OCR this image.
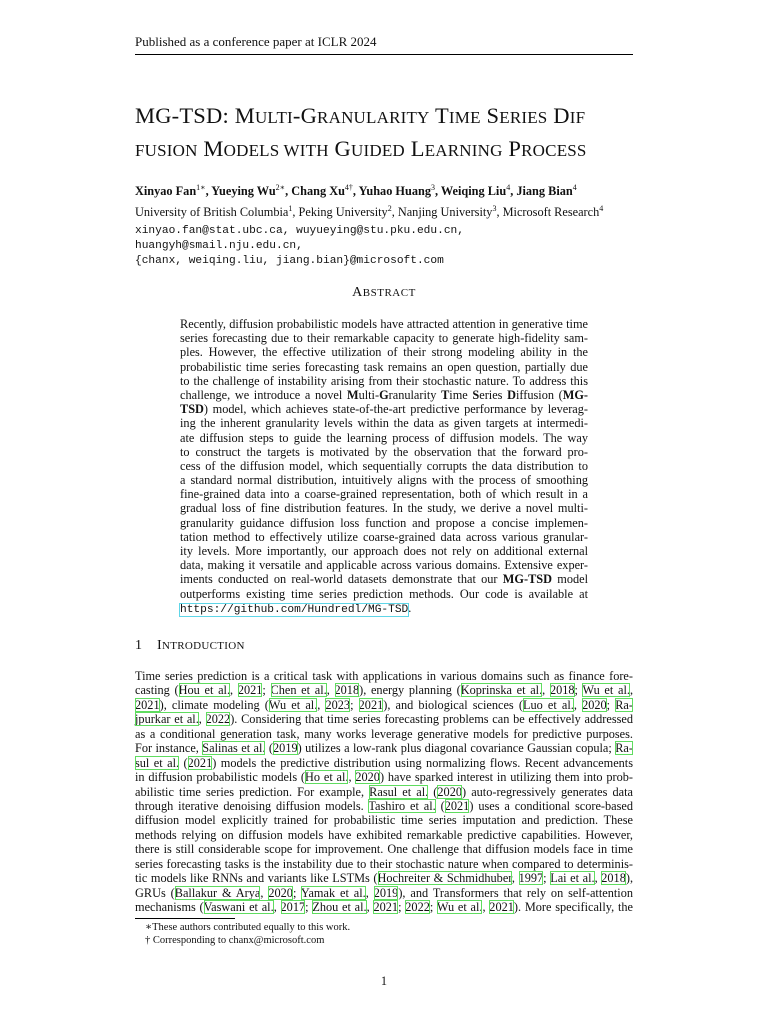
Published as a conference paper at ICLR 2024
MG-TSD: MULTI-GRANULARITY TIME SERIES DIF
FUSION MODELS WITH GUIDED LEARNING PROCESS
Xinyao Fan$^{1∗}$, Yueying $Wu^{2∗}$, Chang $Xu^{4\dagger}$, Yuhao Huang$^3$, Weiqing Liu$^4$, Jiang Bian$^4$
University of British Columbia$^1$, Peking University$^2$, Nanjing University$^3$, Microsoft Research$^4$
xinyao.fan@stat.ubc.ca, wuyueying@stu.pku.edu.cn,
huangyh@smail.nju.edu.cn,
{chanx, weiqing.liu, jiang.bian}@microsoft.com
ABSTRACT
Recently, diffusion probabilistic models have attracted attention in generative time
series forecasting due to their remarkable capacity to generate high-fidelity sam-
ples. However, the effective utilization of their strong modeling ability in the
probabilistic time series forecasting task remains an open question, partially due
to the challenge of instability arising from their stochastic nature. To address this
challenge, we introduce a novel Multi-Granularity Time Series Diffusion (MG-
TSD) model, which achieves state-of-the-art predictive performance by leverag-
ing the inherent granularity levels within the data as given targets at intermedi-
ate diffusion steps to guide the learning process of diffusion models. The way
to construct the targets is motivated by the observation that the forward pro-
cess of the diffusion model, which sequentially corrupts the data distribution to
a standard normal distribution, intuitively aligns with the process of smoothing
fine-grained data into a coarse-grained representation, both of which result in a
gradual loss of fine distribution features. In the study, we derive a novel multi-
granularity guidance diffusion loss function and propose a concise implemen-
tation method to effectively utilize coarse-grained data across various granular-
ity levels. More importantly, our approach does not rely on additional external
data, making it versatile and applicable across various domains. Extensive exper-
iments conducted on real-world datasets demonstrate that our MG-TSD model
outperforms existing time series prediction methods. Our code is available at
https://github.com/Hundredl/MG-TSD.
1 INTRODUCTION
Time series prediction is a critical task with applications in various domains such as finance fore-
casting (Hou et al., 2021; Chen et al., 2018), energy planning (Koprinska et al., 2018; Wu et al.,
2021), climate modeling (Wu et al., 2023; 2021), and biological sciences (Luo et al., 2020; Ra-
jpurkar et al., 2022). Considering that time series forecasting problems can be effectively addressed
as a conditional generation task, many works leverage generative models for predictive purposes.
For instance, Salinas et al. (2019) utilizes a low-rank plus diagonal covariance Gaussian copula; Ra-
sul et al. (2021) models the predictive distribution using normalizing flows. Recent advancements
in diffusion probabilistic models (Ho et al., 2020) have sparked interest in utilizing them into prob-
abilistic time series prediction. For example, Rasul et al. (2020) auto-regressively generates data
through iterative denoising diffusion models. Tashiro et al. (2021) uses a conditional score-based
diffusion model explicitly trained for probabilistic time series imputation and prediction. These
methods relying on diffusion models have exhibited remarkable predictive capabilities. However,
there is still considerable scope for improvement. One challenge that diffusion models face in time
series forecasting tasks is the instability due to their stochastic nature when compared to determinis-
tic models like RNNs and variants like LSTMs (Hochreiter & Schmidhuber, 1997; Lai et al., 2018),
GRUs (Ballakur & Arya, 2020; Yamak et al., 2019), and Transformers that rely on self-attention
mechanisms (Vaswani et al., 2017; Zhou et al., 2021; 2022; Wu et al., 2021). More specifically, the
∗These authors contributed equally to this work.
† Corresponding to chanx@microsoft.com
1
